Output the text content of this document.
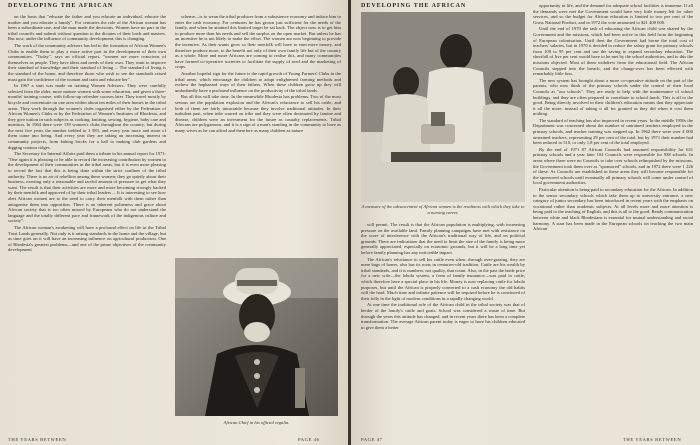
DEVELOPING THE AFRICAN

on the basis that "educate the father and you educate an individual, educate the mother and you educate a family". For centuries the role of the African woman has been a subordinate one, and the man made the decisions. Women have no part in the tribal councils and submit without question to the dictates of their lords and masters. But now, under the influence of community development, this is changing.

The work of the community advisers has led to the formation of African Women's Clubs to enable them to play a more active part in the development of their own communities. "Today", says an official report, "women are more conscious of themselves as people. They have ideas and needs of their own. They want to improve their standard of knowledge and their standard of living ... The standard of living is the standard of the home, and therefore those who wish to see the standards raised must gain the confidence of the woman and train and educate her".

In 1967 a start was made on training Women Advisers. They were carefully selected from the older, more mature women with some education, and given a three-months' training course, with follow-up refresher courses later. They travel mostly by bicycle and concentrate on one area within about ten miles of their homes in the tribal areas. They work through the women's clubs organised either by the Federation of African Women's Clubs or by the Federation of Women's Institutes of Rhodesia, and they give tuition in such subjects as cooking, knitting, sewing, hygiene, baby care and nutrition. In 1964 there were 139 women's clubs throughout the country, but during the next five years the number trebled to 1 583, and every year more and more of them come into being. And every year they are taking an increasing interest in community projects, from baking bricks for a hall to making club gardens and digging contour ridges.

The Secretary for Internal Affairs paid them a tribute in his annual report for 1971: "One again it is pleasing to be able to record the increasing contribution by women to the development of their communities in the tribal areas, but it is even more pleasing to record the fact that this is being done within the strict confines of the tribal authority. There is no air of rebellion among these women; they go quietly about their business, exerting only a reasonable and tactful amount of pressure to get what they want. The result is that their activities are more and more becoming strongly backed by their menfolk and approved of by their tribal leaders ... It is interesting to see how alert African women are to the need to carry their menfolk with them rather than antagonise them into opposition. There is an inherent politeness and grace about African society that is too often missed by Europeans who do not understand the language and the totally different pace and framework of the indigenous culture and society".

The African woman's awakening will have a profound effect on life in the Tribal Trust Lands generally. Not only is it raising standards in the home and the village, but as time goes on it will have an increasing influence on agricultural production. One of Rhodesia's greatest problems—and one of the prime objectives of the community development

scheme—is to wean the tribal producer from a subsistence economy and induce him to enter the cash economy. For centuries he has grown just sufficient for the needs of the family, and when he attained this limited target he sat back. The object now is to get him to produce more than his needs and sell the surplus on the open market. But unless he has an incentive he is not likely to make the effort. The women are now beginning to provide the incentive. As their wants grow so their menfolk will have to earn more money, and therefore produce more, to the benefit not only of their own family life but of the country as a whole. More and more Africans are coming to realise this, and many communities have formed co-operative societies to facilitate the supply of seed and the marketing of crops.

Another hopeful sign for the future is the rapid growth of Young Farmers' Clubs in the tribal areas, which encourage the children to adopt enlightened farming methods and eschew the haphazard ways of their fathers. When these children grow up they will undoubtedly have a profound influence on the productivity of the tribal lands.

But all this will take time. In the meanwhile Rhodesia has problems. Two of the most serious are the population explosion and the African's reluctance to sell his cattle, and both of them are fairly intractable because they involve traditional attitudes. In their turbulent past, when tribe warred on tribe and they were often decimated by famine and disease, children were an investment for the future as casualty replacements. Tribal Africans are polygamous, and it is a sign of a man's standing in the community to have as many wives as he can afford and therefore as many children as nature

African Chief in his official regalia.
THE YEARS BETWEEN	PAGE 46
DEVELOPING THE AFRICAN
A measure of the advancement of African women is the readiness with which they take to a nursing career.

will permit. The result is that the African population is multiplying, with increasing pressure on the available land. Family planning campaigns have met with resistance on the score of interference with the African's traditional way of life, and on political grounds. There are indications that the need to limit the size of the family is being more generally appreciated, especially on economic grounds, but it will be a long time yet before family planning has any noticeable impact.

The African's reluctance to sell his cattle even when, through over-grazing, they are mere bags of bones, also has its roots in centuries-old tradition. Cattle are his wealth by tribal standards, and it is numbers, not quality, that count. Also, in the past the bride price for a new wife—the lobola system, a form of family insurance—was paid in cattle, which therefore have a special place in his life. Money is now replacing cattle for lobola purposes, but until the African is properly converted to a cash economy the old habits will die hard. Much time and infinite patience will be required before he is convinced of their folly in the light of modern conditions in a rapidly changing world.

At one time the traditional role of the African child in the tribal society was that of herder of the family's cattle and goats. School was considered a waste of time. But through the years this attitude has changed, and in recent years there has been a complete transformation. The average African parent today is eager to have his children educated to give them a better

opportunity in life, and the demand for adequate school facilities is immense. If all the demands were met the Government would have very little money left for other services, and so the budget for African education is limited to two per cent of the Gross National Product, and in 1972 the vote amounted to $21 400 000.

Until the end of 1970 the task of educating the African child was shared by the Government and the missions, which had been active in this field from the beginning of European colonisation. Until then the Government had borne the total cost of teachers' salaries, but in 1970 it decided to reduce the salary grant for primary schools from 100 to 95 per cent and use the saving to expand secondary education. The shortfall of five per cent would have to be met by the school authorities, and to this the missions objected. Most of them withdrew from the educational field. The African Councils stepped into the breach, and the change-over has been effected with remarkably little fuss.

The new system has brought about a more co-operative attitude on the part of the parents, who now think of the primary schools under the control of their local Councils as "our schools". They are ready to help with the maintenance of school buildings, and they are often prepared to contribute to school funds. This is all to the good. Being directly involved in their children's education means that they appreciate it all the more, instead of taking it all for granted as they did when it cost them nothing.

The standard of teaching has also improved in recent years. In the middle 1950s the Department was concerned about the number of untrained teachers employed in the primary schools, and teacher training was stepped up. In 1962 there were over 4 000 untrained teachers, representing 29 per cent of the total, but by 1971 their number had been reduced to 510, or only 1,8 per cent of the total employed.

By the end of 1971 87 African Councils had assumed responsibility for 631 primary schools and a year later 104 Councils were responsible for 938 schools. In areas where there were no Councils to take over schools relinquished by the missions, the Government took them over as "sponsored" schools, and in 1972 there were 1 226 of these. As Councils are established in these areas they will become responsible for the sponsored schools until eventually all primary schools will come under control of local government authorities.

Particular attention is being paid to secondary education for the African. In addition to the senior secondary schools which take them up to university entrance, a new category of junior secondary has been introduced in recent years with the emphasis on vocational rather than academic subjects. At all levels more and more attention is being paid to the teaching of English, and this is all to the good. Ready communication between white and black Rhodesians is essential for mutual understanding and racial harmony. A start has been made in the European schools on teaching the two main African

PAGE 47	THE YEARS BETWEEN
